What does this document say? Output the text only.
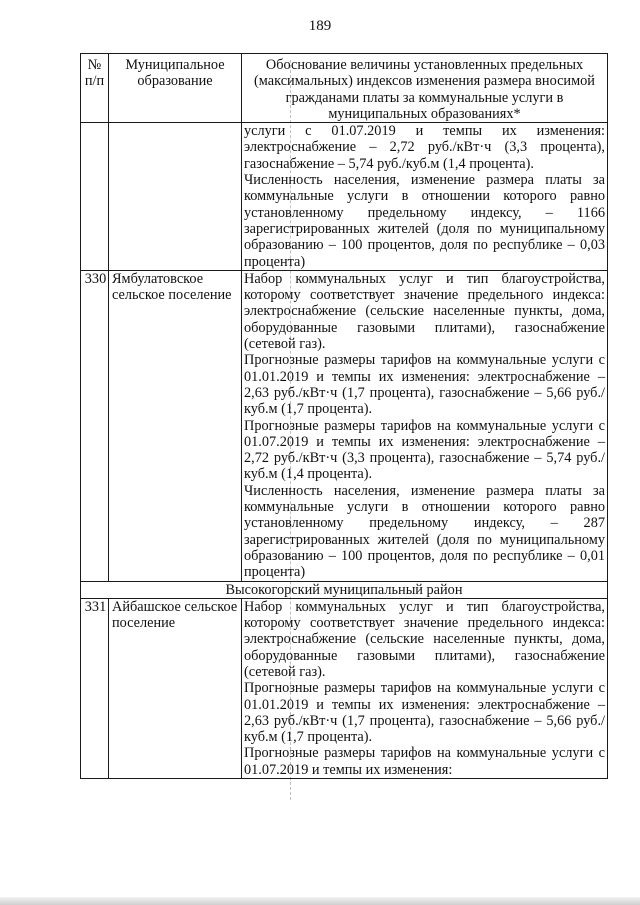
189
№ п/п	Муниципальное образование	Обоснование величины установленных предельных (максимальных) индексов изменения размера вносимой гражданами платы за коммунальные услуги в муниципальных образованиях*

		услуги с 01.07.2019 и темпы их изменения: электроснабжение – 2,72 руб./кВт·ч (3,3 процента), газоснабжение – 5,74 руб./куб.м (1,4 процента).

Численность населения, изменение размера платы за коммунальные услуги в отношении которого равно установленному предельному индексу, – 1166 зарегистрированных жителей (доля по муниципальному образованию – 100 процентов, доля по республике – 0,03 процента)

330	Ямбулатовское сельское поселение	Набор коммунальных услуг и тип благоустройства, которому соответствует значение предельного индекса: электроснабжение (сельские населенные пункты, дома, оборудованные газовыми плитами), газоснабжение (сетевой газ).

Прогнозные размеры тарифов на коммунальные услуги с 01.01.2019 и темпы их изменения: электроснабжение – 2,63 руб./кВт·ч (1,7 процента), газоснабжение – 5,66 руб./куб.м (1,7 процента).

Прогнозные размеры тарифов на коммунальные услуги с 01.07.2019 и темпы их изменения: электроснабжение – 2,72 руб./кВт·ч (3,3 процента), газоснабжение – 5,74 руб./куб.м (1,4 процента).

Численность населения, изменение размера платы за коммунальные услуги в отношении которого равно установленному предельному индексу, – 287 зарегистрированных жителей (доля по муниципальному образованию – 100 процентов, доля по республике – 0,01 процента)

Высокогорский муниципальный район		
331	Айбашское сельское поселение	Набор коммунальных услуг и тип благоустройства, которому соответствует значение предельного индекса: электроснабжение (сельские населенные пункты, дома, оборудованные газовыми плитами), газоснабжение (сетевой газ).

Прогнозные размеры тарифов на коммунальные услуги с 01.01.2019 и темпы их изменения: электроснабжение – 2,63 руб./кВт·ч (1,7 процента), газоснабжение – 5,66 руб./куб.м (1,7 процента).

Прогнозные размеры тарифов на коммунальные услуги с 01.07.2019 и темпы их изменения:
